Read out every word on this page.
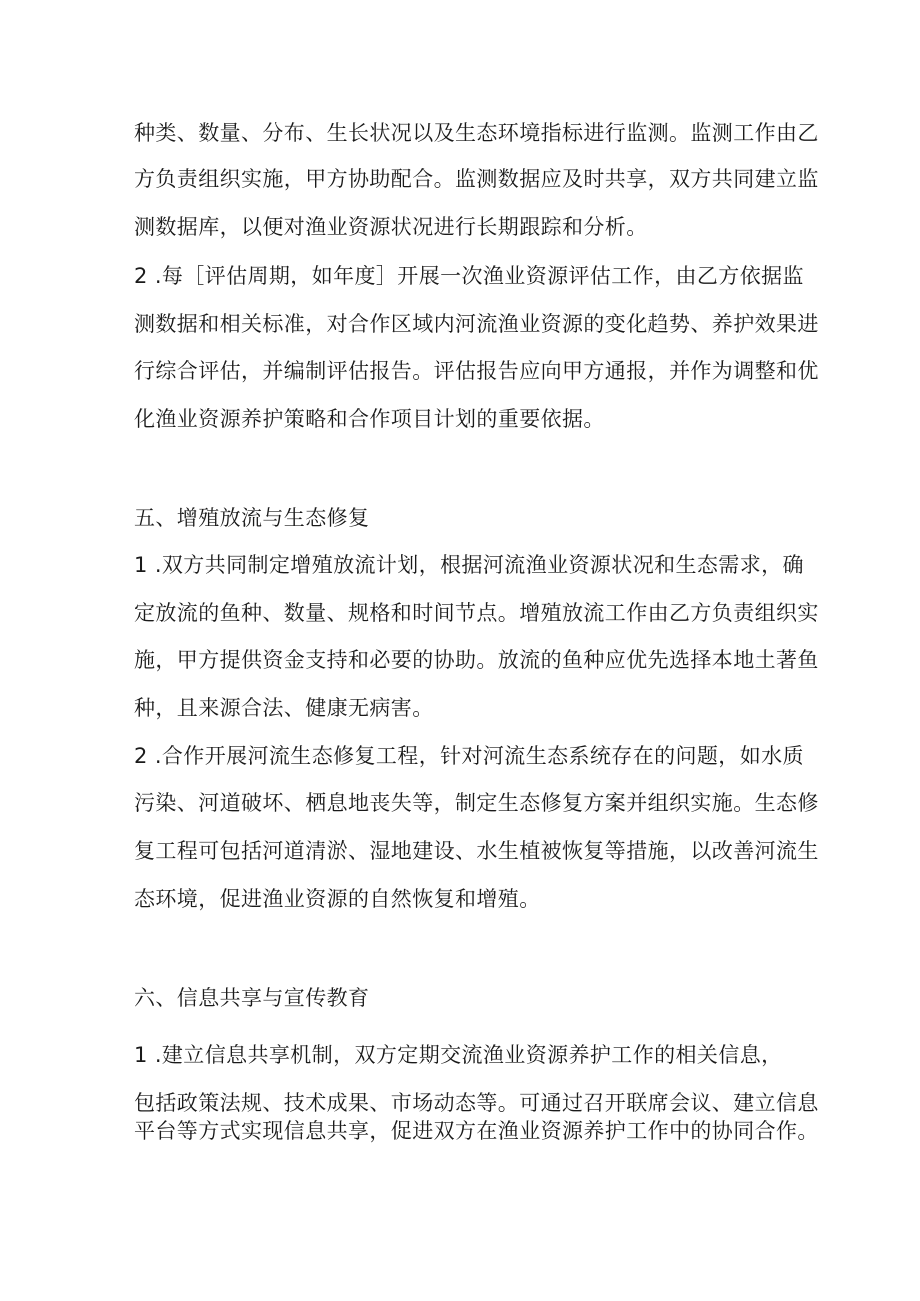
种类、数量、分布、生长状况以及生态环境指标进行监测。监测工作由乙
方负责组织实施，甲方协助配合。监测数据应及时共享，双方共同建立监
测数据库，以便对渔业资源状况进行长期跟踪和分析。
2 .每［评估周期，如年度］开展一次渔业资源评估工作，由乙方依据监
测数据和相关标准，对合作区域内河流渔业资源的变化趋势、养护效果进
行综合评估，并编制评估报告。评估报告应向甲方通报，并作为调整和优
化渔业资源养护策略和合作项目计划的重要依据。
五、增殖放流与生态修复
1 .双方共同制定增殖放流计划，根据河流渔业资源状况和生态需求，确
定放流的鱼种、数量、规格和时间节点。增殖放流工作由乙方负责组织实
施，甲方提供资金支持和必要的协助。放流的鱼种应优先选择本地土著鱼
种，且来源合法、健康无病害。
2 .合作开展河流生态修复工程，针对河流生态系统存在的问题，如水质
污染、河道破坏、栖息地丧失等，制定生态修复方案并组织实施。生态修
复工程可包括河道清淤、湿地建设、水生植被恢复等措施，以改善河流生
态环境，促进渔业资源的自然恢复和增殖。
六、信息共享与宣传教育
1 .建立信息共享机制，双方定期交流渔业资源养护工作的相关信息，
包括政策法规、技术成果、市场动态等。可通过召开联席会议、建立信息
平台等方式实现信息共享，促进双方在渔业资源养护工作中的协同合作。
